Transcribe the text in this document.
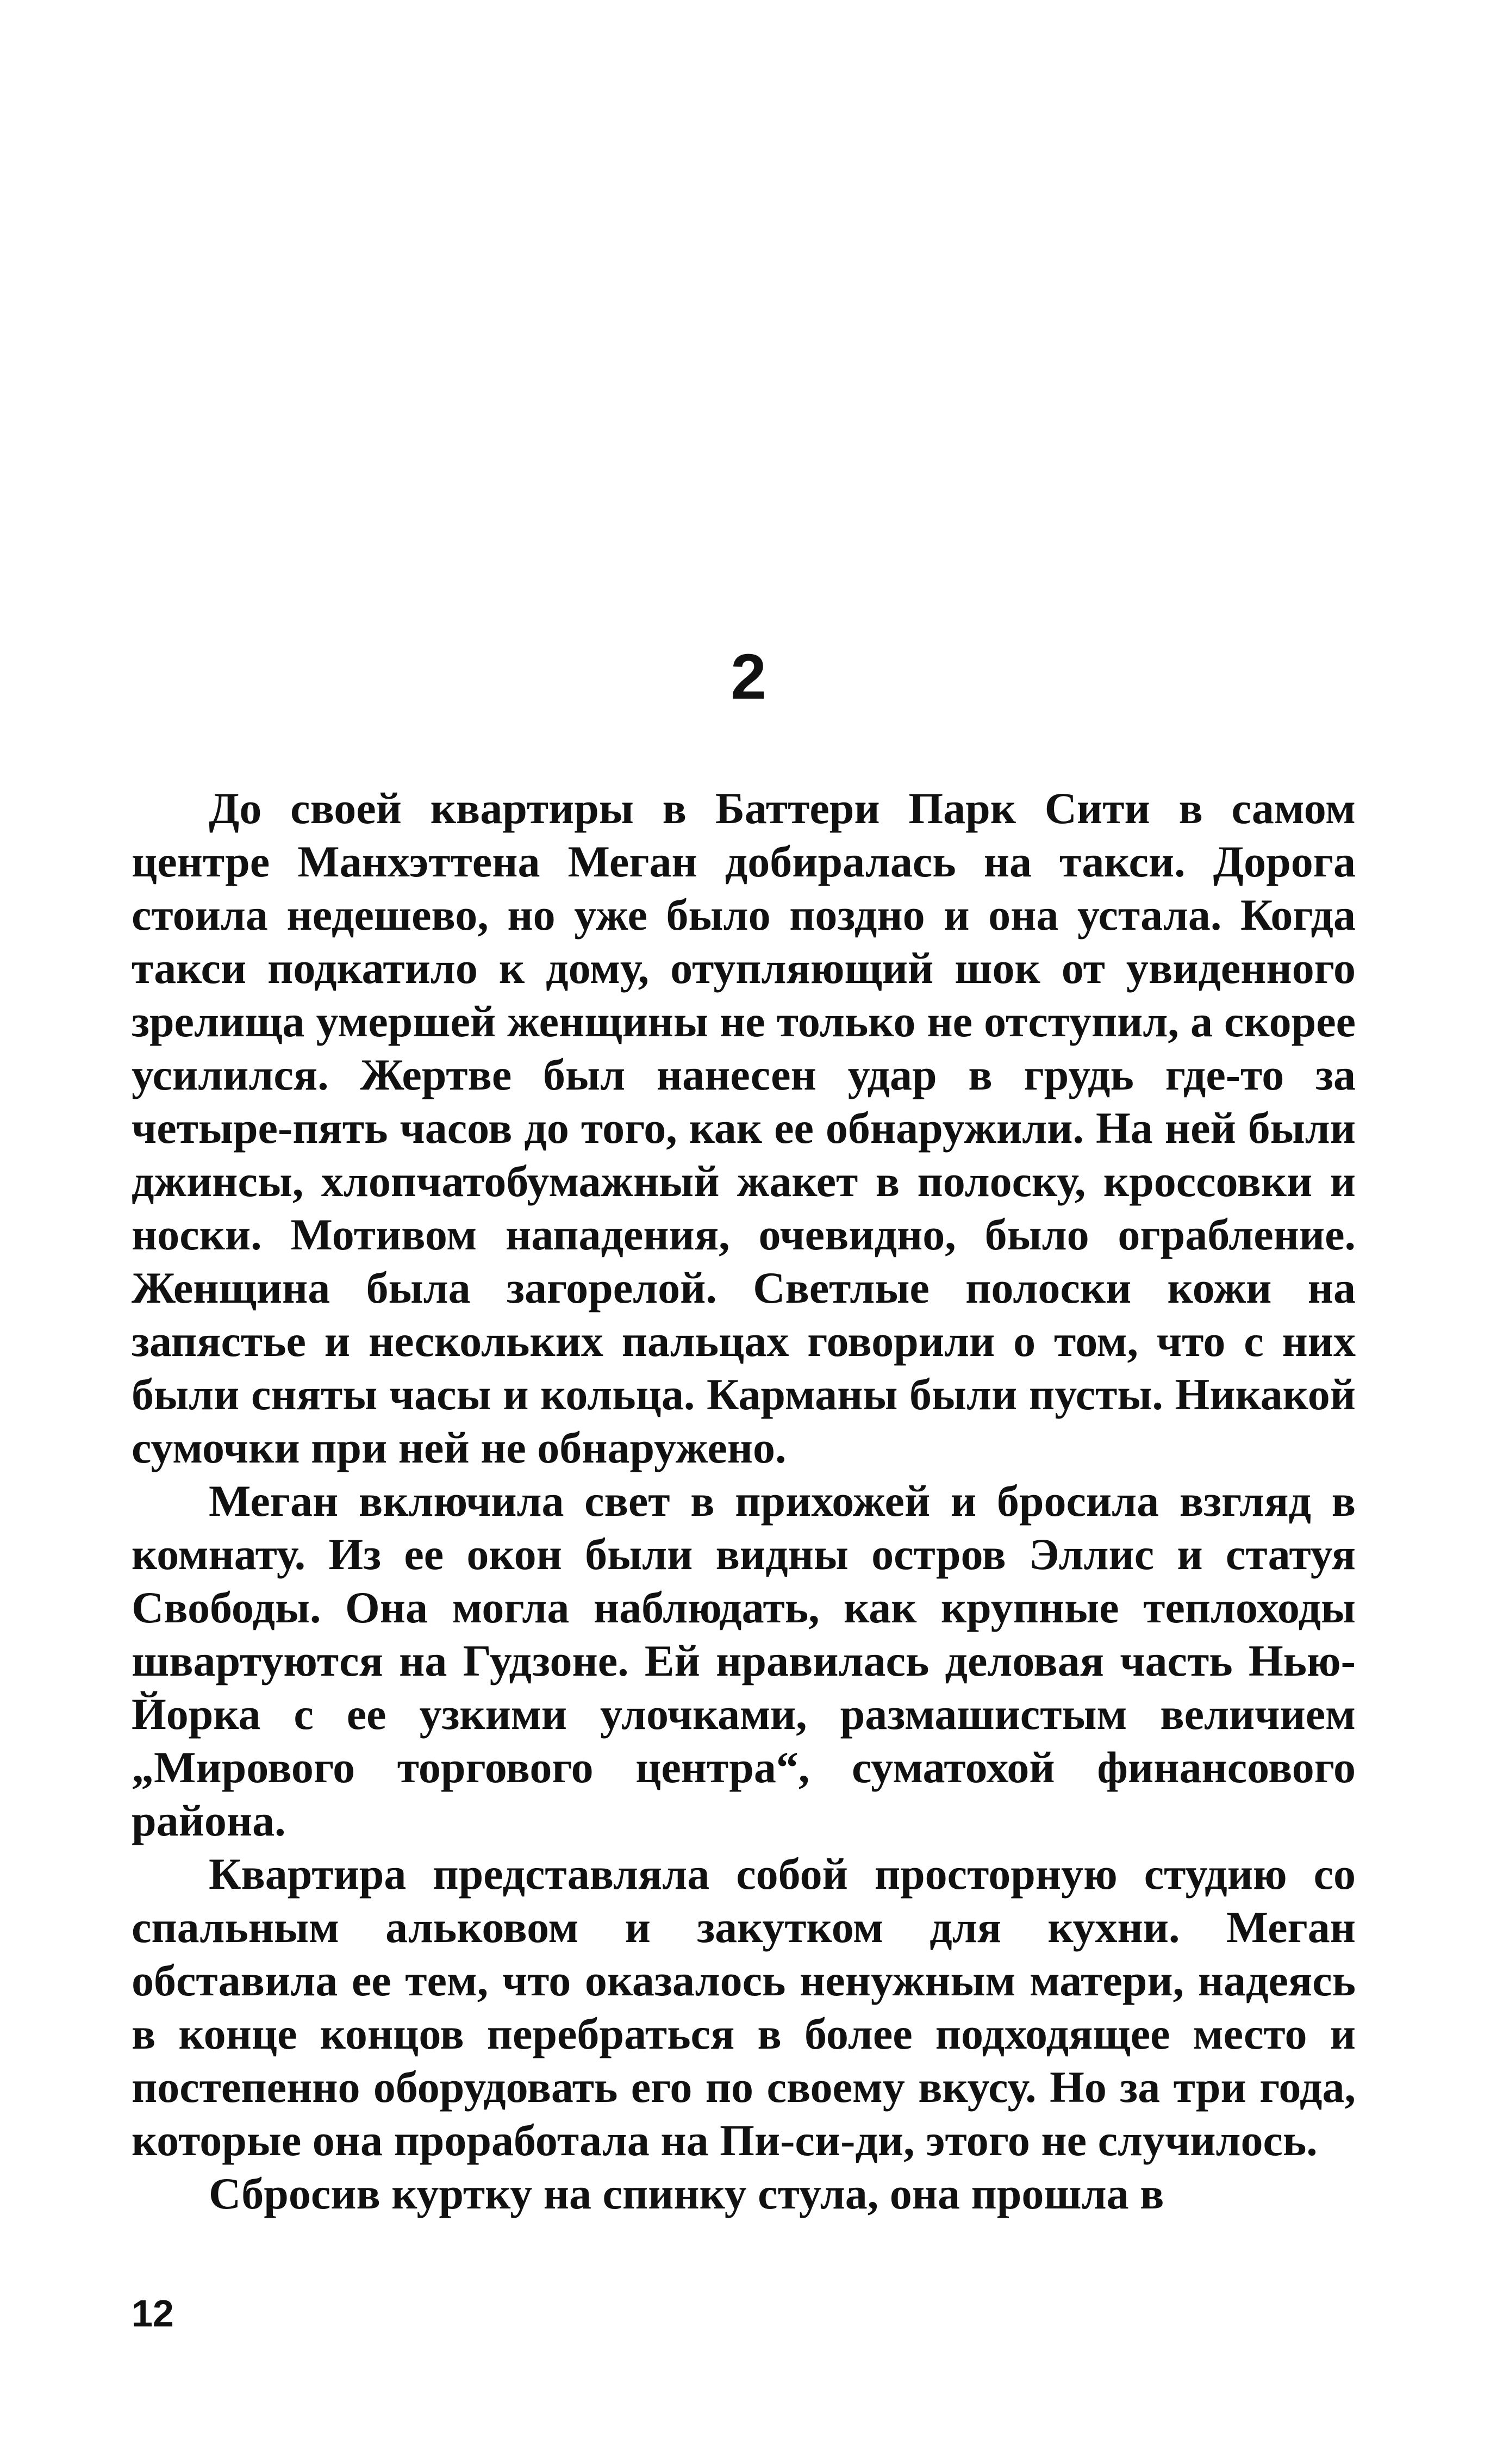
2

До своей квартиры в Баттери Парк Сити в самом центре Манхэттена Меган добиралась на такси. Дорога стоила недешево, но уже было поздно и она устала. Когда такси подкатило к дому, отупляющий шок от увиденного зрелища умершей женщины не только не отступил, а скорее усилился. Жертве был нанесен удар в грудь где-то за четыре-пять часов до того, как ее обнаружили. На ней были джинсы, хлопчатобумажный жакет в полоску, кроссовки и носки. Мотивом нападения, очевидно, было ограбление. Женщина была загорелой. Светлые полоски кожи на запястье и нескольких пальцах говорили о том, что с них были сняты часы и кольца. Карманы были пусты. Никакой сумочки при ней не обнаружено.

Меган включила свет в прихожей и бросила взгляд в комнату. Из ее окон были видны остров Эллис и статуя Свободы. Она могла наблюдать, как крупные теплоходы швартуются на Гудзоне. Ей нравилась деловая часть Нью-Йорка с ее узкими улочками, размашистым величием „Мирового торгового центра“, суматохой финансового района.

Квартира представляла собой просторную студию со спальным альковом и закутком для кухни. Меган обставила ее тем, что оказалось ненужным матери, надеясь в конце концов перебраться в более подходящее место и постепенно оборудовать его по своему вкусу. Но за три года, которые она проработала на Пи-си-ди, этого не случилось.

Сбросив куртку на спинку стула, она прошла в

12
